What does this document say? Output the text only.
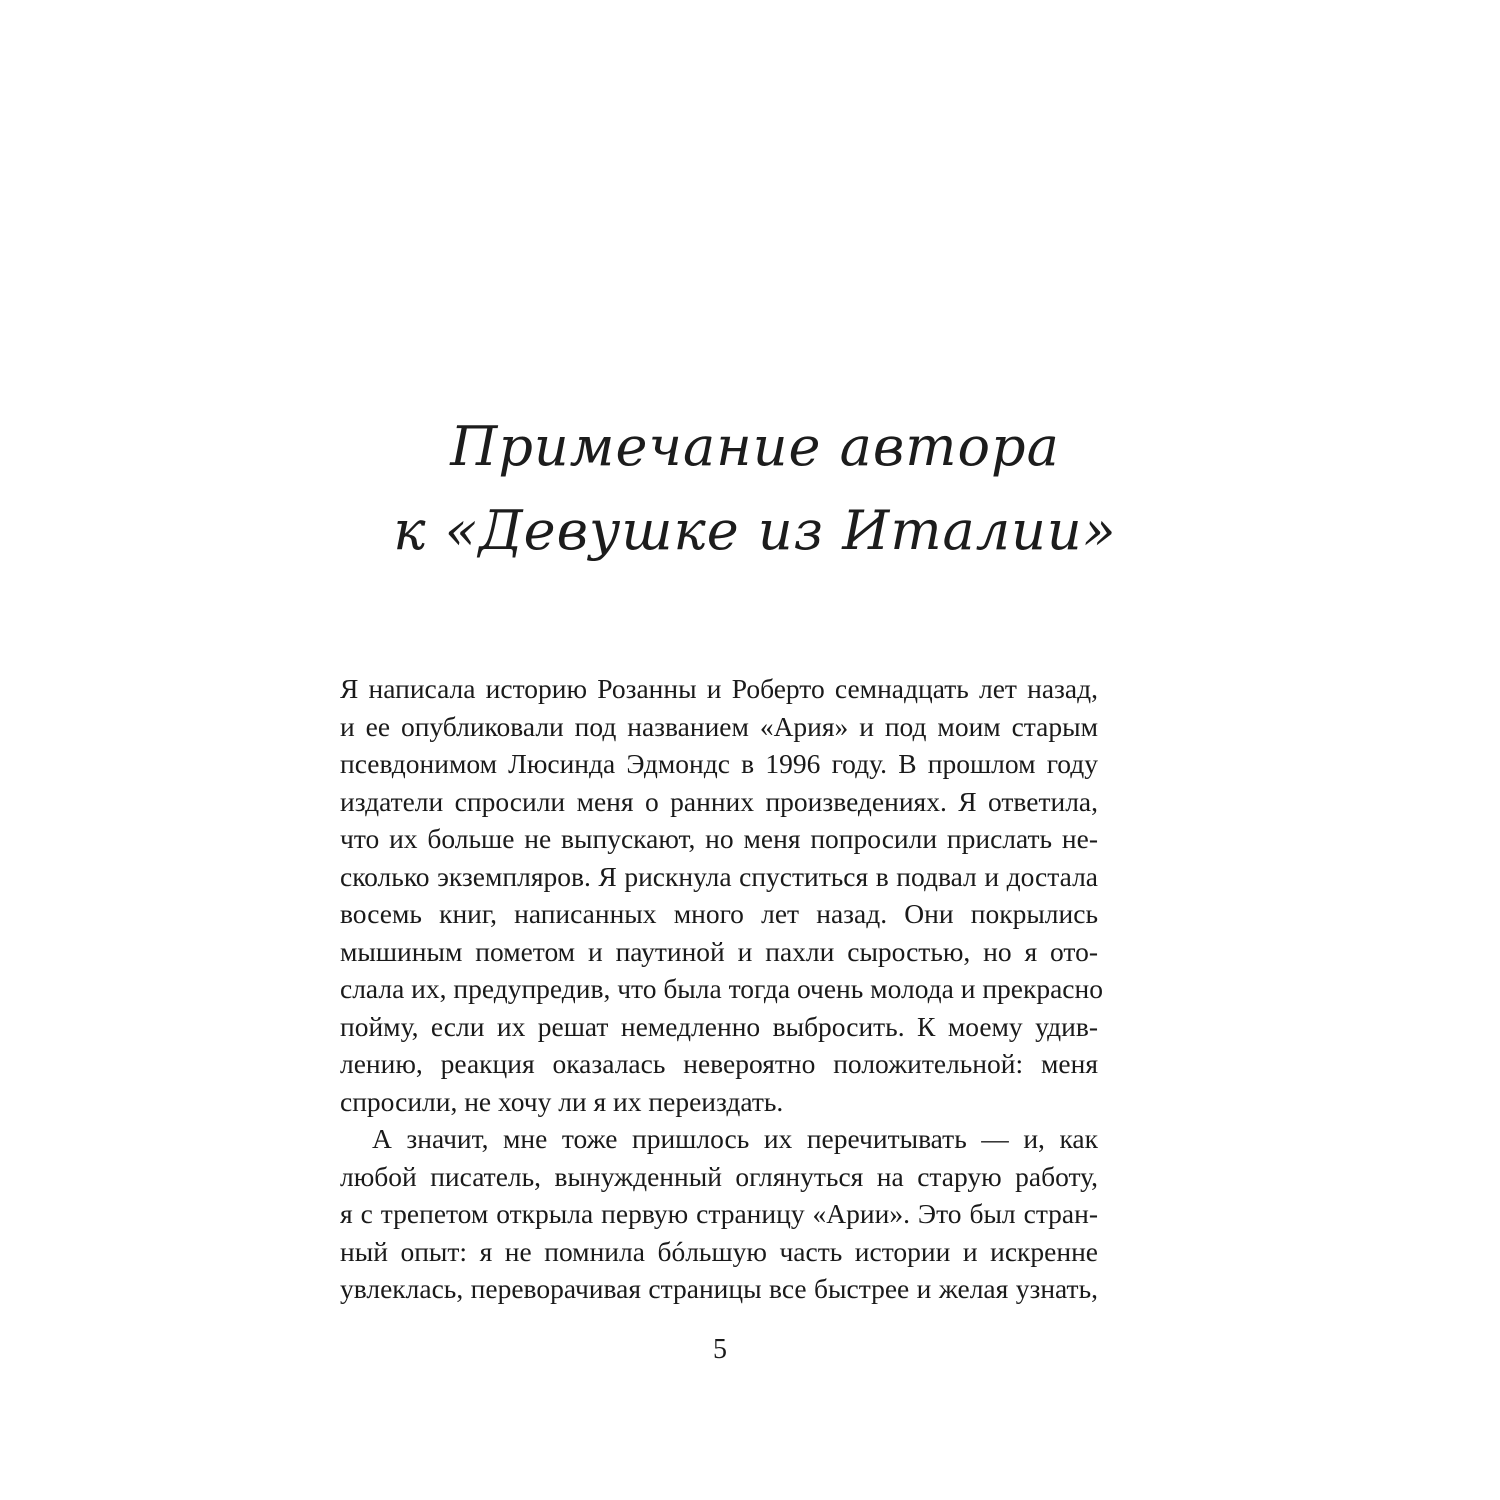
Примечание автора
к «Девушке из Италии»
Я написала историю Розанны и Роберто семнадцать лет назад,
и ее опубликовали под названием «Ария» и под моим старым
псевдонимом Люсинда Эдмондс в 1996 году. В прошлом году
издатели спросили меня о ранних произведениях. Я ответила,
что их больше не выпускают, но меня попросили прислать не-
сколько экземпляров. Я рискнула спуститься в подвал и достала
восемь книг, написанных много лет назад. Они покрылись
мышиным пометом и паутиной и пахли сыростью, но я ото-
слала их, предупредив, что была тогда очень молода и прекрасно
пойму, если их решат немедленно выбросить. К моему удив-
лению, реакция оказалась невероятно положительной: меня
спросили, не хочу ли я их переиздать.
А значит, мне тоже пришлось их перечитывать — и, как
любой писатель, вынужденный оглянуться на старую работу,
я с трепетом открыла первую страницу «Арии». Это был стран-
ный опыт: я не помнила бóльшую часть истории и искренне
увлеклась, переворачивая страницы все быстрее и желая узнать,
5
